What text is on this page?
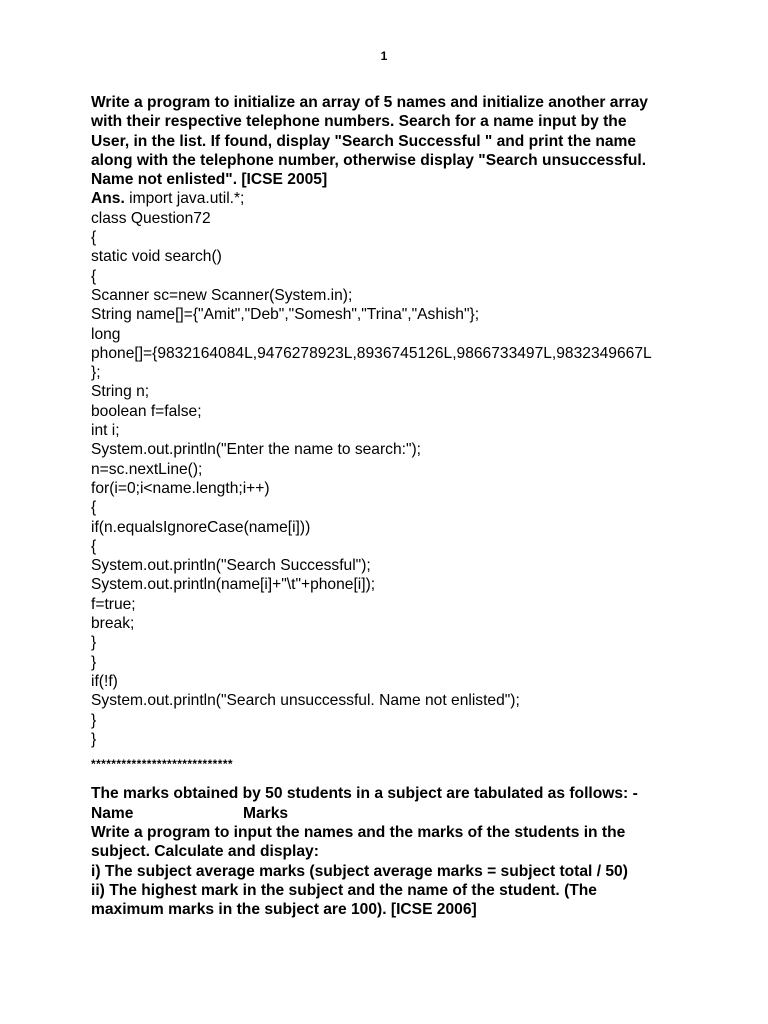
1
Write a program to initialize an array of 5 names and initialize another array
with their respective telephone numbers. Search for a name input by the
User, in the list. If found, display "Search Successful " and print the name
along with the telephone number, otherwise display "Search unsuccessful.
Name not enlisted". [ICSE 2005]
Ans. import java.util.*;
class Question72
{
static void search()
{
Scanner sc=new Scanner(System.in);
String name[]={"Amit","Deb","Somesh","Trina","Ashish"};
long
phone[]={9832164084L,9476278923L,8936745126L,9866733497L,9832349667L
};
String n;
boolean f=false;
int i;
System.out.println("Enter the name to search:");
n=sc.nextLine();
for(i=0;i<name.length;i++)
{
if(n.equalsIgnoreCase(name[i]))
{
System.out.println("Search Successful");
System.out.println(name[i]+"\t"+phone[i]);
f=true;
break;
}
}
if(!f)
System.out.println("Search unsuccessful. Name not enlisted");
}
}
****************************
The marks obtained by 50 students in a subject are tabulated as follows: -
Name	Marks
Write a program to input the names and the marks of the students in the
subject. Calculate and display:
i) The subject average marks (subject average marks = subject total / 50)
ii) The highest mark in the subject and the name of the student. (The
maximum marks in the subject are 100). [ICSE 2006]
